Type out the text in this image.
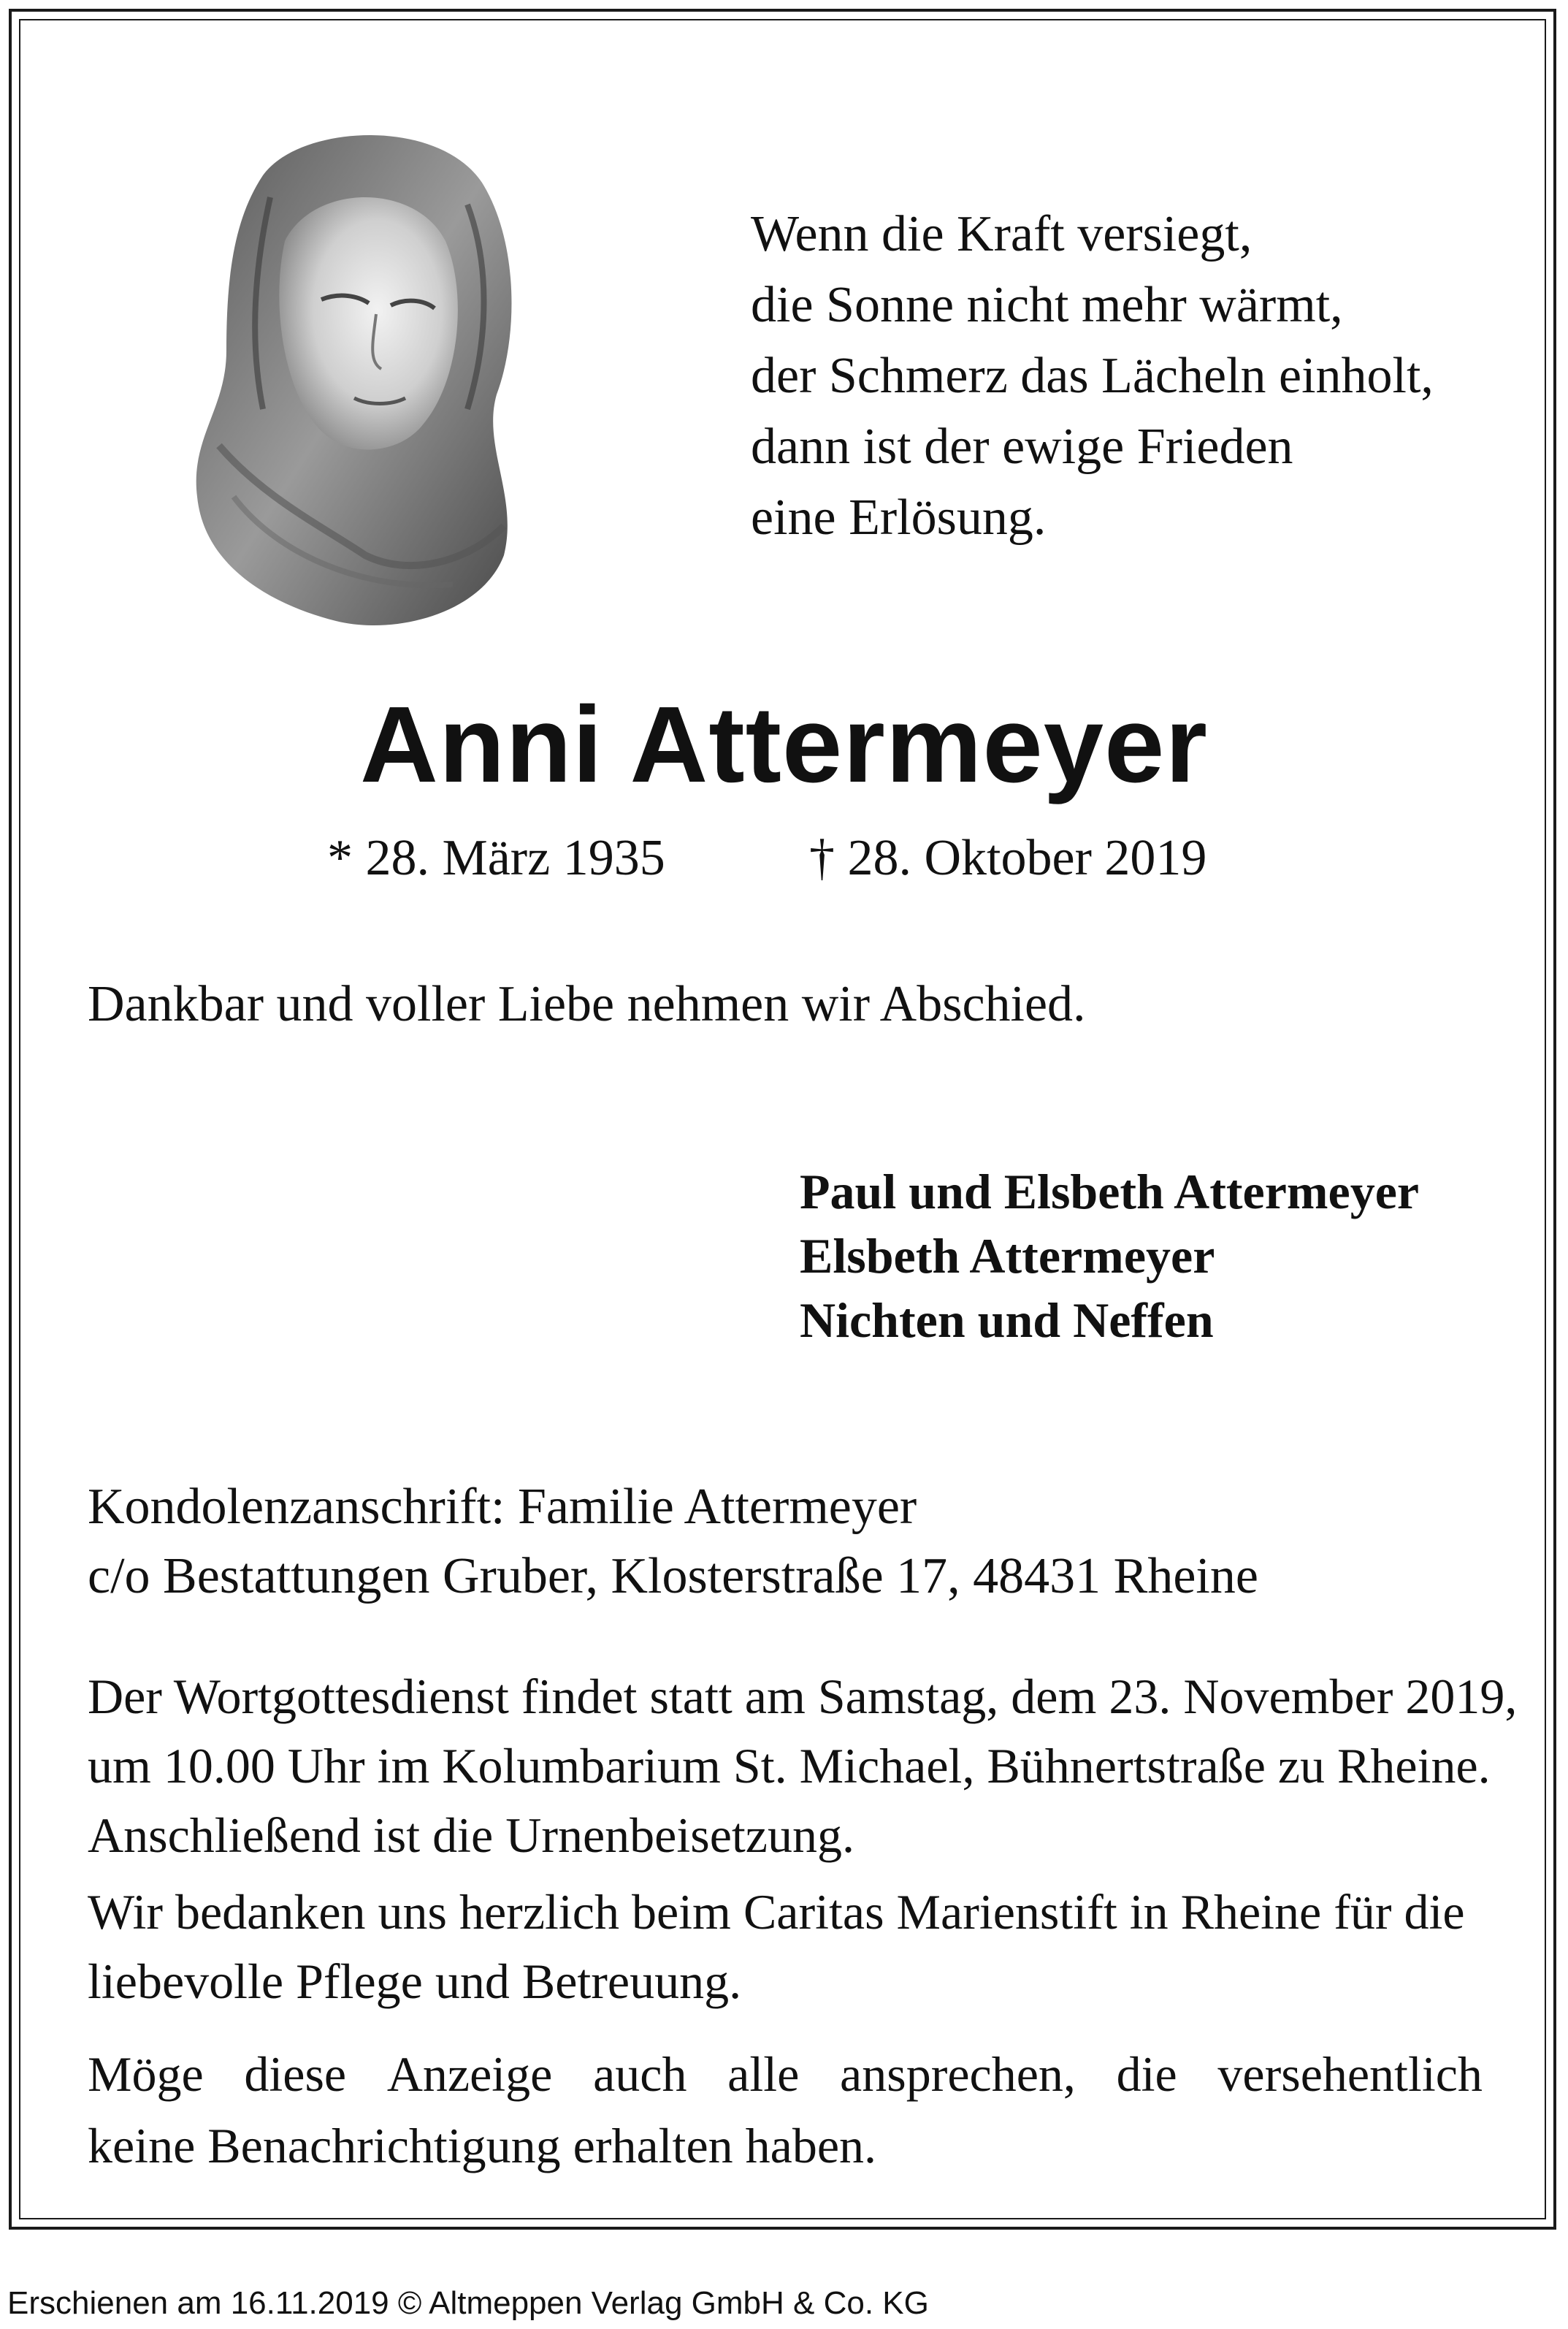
Wenn die Kraft versiegt,
die Sonne nicht mehr wärmt,
der Schmerz das Lächeln einholt,
dann ist der ewige Frieden
eine Erlösung.
Anni Attermeyer
* 28. März 1935	† 28. Oktober 2019
Dankbar und voller Liebe nehmen wir Abschied.
Paul und Elsbeth Attermeyer
Elsbeth Attermeyer
Nichten und Neffen
Kondolenzanschrift: Familie Attermeyer
c/o Bestattungen Gruber, Klosterstraße 17, 48431 Rheine
Der Wortgottesdienst findet statt am Samstag, dem 23. November 2019,
um 10.00 Uhr im Kolumbarium St. Michael, Bühnertstraße zu Rheine.
Anschließend ist die Urnenbeisetzung.
Wir bedanken uns herzlich beim Caritas Marienstift in Rheine für die
liebevolle Pflege und Betreuung.
Möge diese Anzeige auch alle ansprechen, die versehentlich
keine Benachrichtigung erhalten haben.
Erschienen am 16.11.2019 © Altmeppen Verlag GmbH & Co. KG
